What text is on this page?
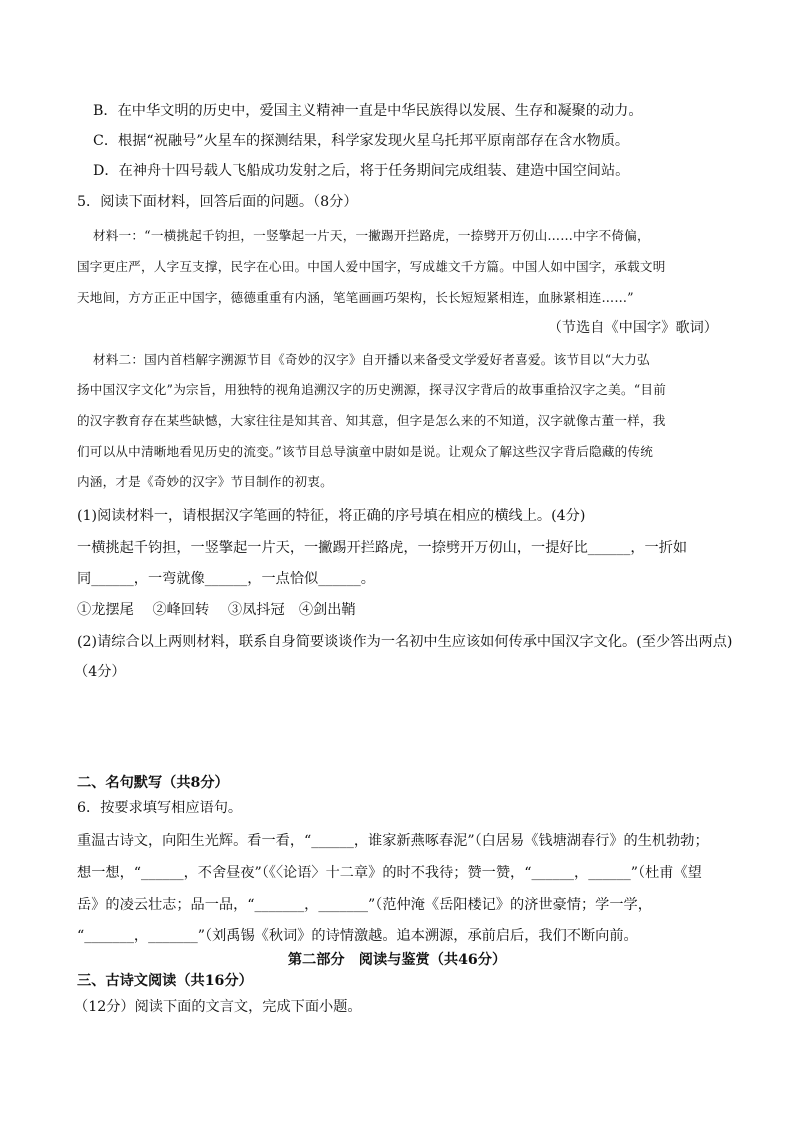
B．在中华文明的历史中，爱国主义精神一直是中华民族得以发展、生存和凝聚的动力。
C．根据“祝融号”火星车的探测结果，科学家发现火星乌托邦平原南部存在含水物质。
D．在神舟十四号载人飞船成功发射之后，将于任务期间完成组装、建造中国空间站。
5．阅读下面材料，回答后面的问题。（8分）
材料一：“一横挑起千钧担，一竖擎起一片天，一撇踢开拦路虎，一捺劈开万仞山……中字不倚偏，
国字更庄严，人字互支撑，民字在心田。中国人爱中国字，写成雄文千方篇。中国人如中国字，承载文明
天地间，方方正正中国字，德德重重有内涵，笔笔画画巧架构，长长短短紧相连，血脉紧相连……”
（节选自《中国字》歌词）
材料二：国内首档解字溯源节目《奇妙的汉字》自开播以来备受文学爱好者喜爱。该节目以“大力弘
扬中国汉字文化”为宗旨，用独特的视角追溯汉字的历史溯源，探寻汉字背后的故事重拾汉字之美。“目前
的汉字教育存在某些缺憾，大家往往是知其音、知其意，但字是怎么来的不知道，汉字就像古董一样，我
们可以从中清晰地看见历史的流变。”该节目总导演童中尉如是说。让观众了解这些汉字背后隐藏的传统
内涵，才是《奇妙的汉字》节目制作的初衷。
(1)阅读材料一，请根据汉字笔画的特征，将正确的序号填在相应的横线上。(4分)
一横挑起千钧担，一竖擎起一片天，一撇踢开拦路虎，一捺劈开万仞山，一提好比______，一折如
同______，一弯就像______，一点恰似______。
①龙摆尾　 ②峰回转　 ③凤抖冠　④剑出鞘
(2)请综合以上两则材料，联系自身简要谈谈作为一名初中生应该如何传承中国汉字文化。(至少答出两点)
（4分）
二、名句默写（共8分）
6．按要求填写相应语句。
重温古诗文，向阳生光辉。看一看，“______，谁家新燕啄春泥”（白居易《钱塘湖春行》的生机勃勃；
想一想，“______，不舍昼夜”（《〈论语〉十二章》的时不我待；赞一赞，“______，______”（杜甫《望
岳》的凌云壮志；品一品，“_______，_______”（范仲淹《岳阳楼记》的济世豪情；学一学，
“_______，_______”（刘禹锡《秋词》的诗情激越。追本溯源，承前启后，我们不断向前。
第二部分　阅读与鉴赏（共46分）
三、古诗文阅读（共16分）
（12分）阅读下面的文言文，完成下面小题。
